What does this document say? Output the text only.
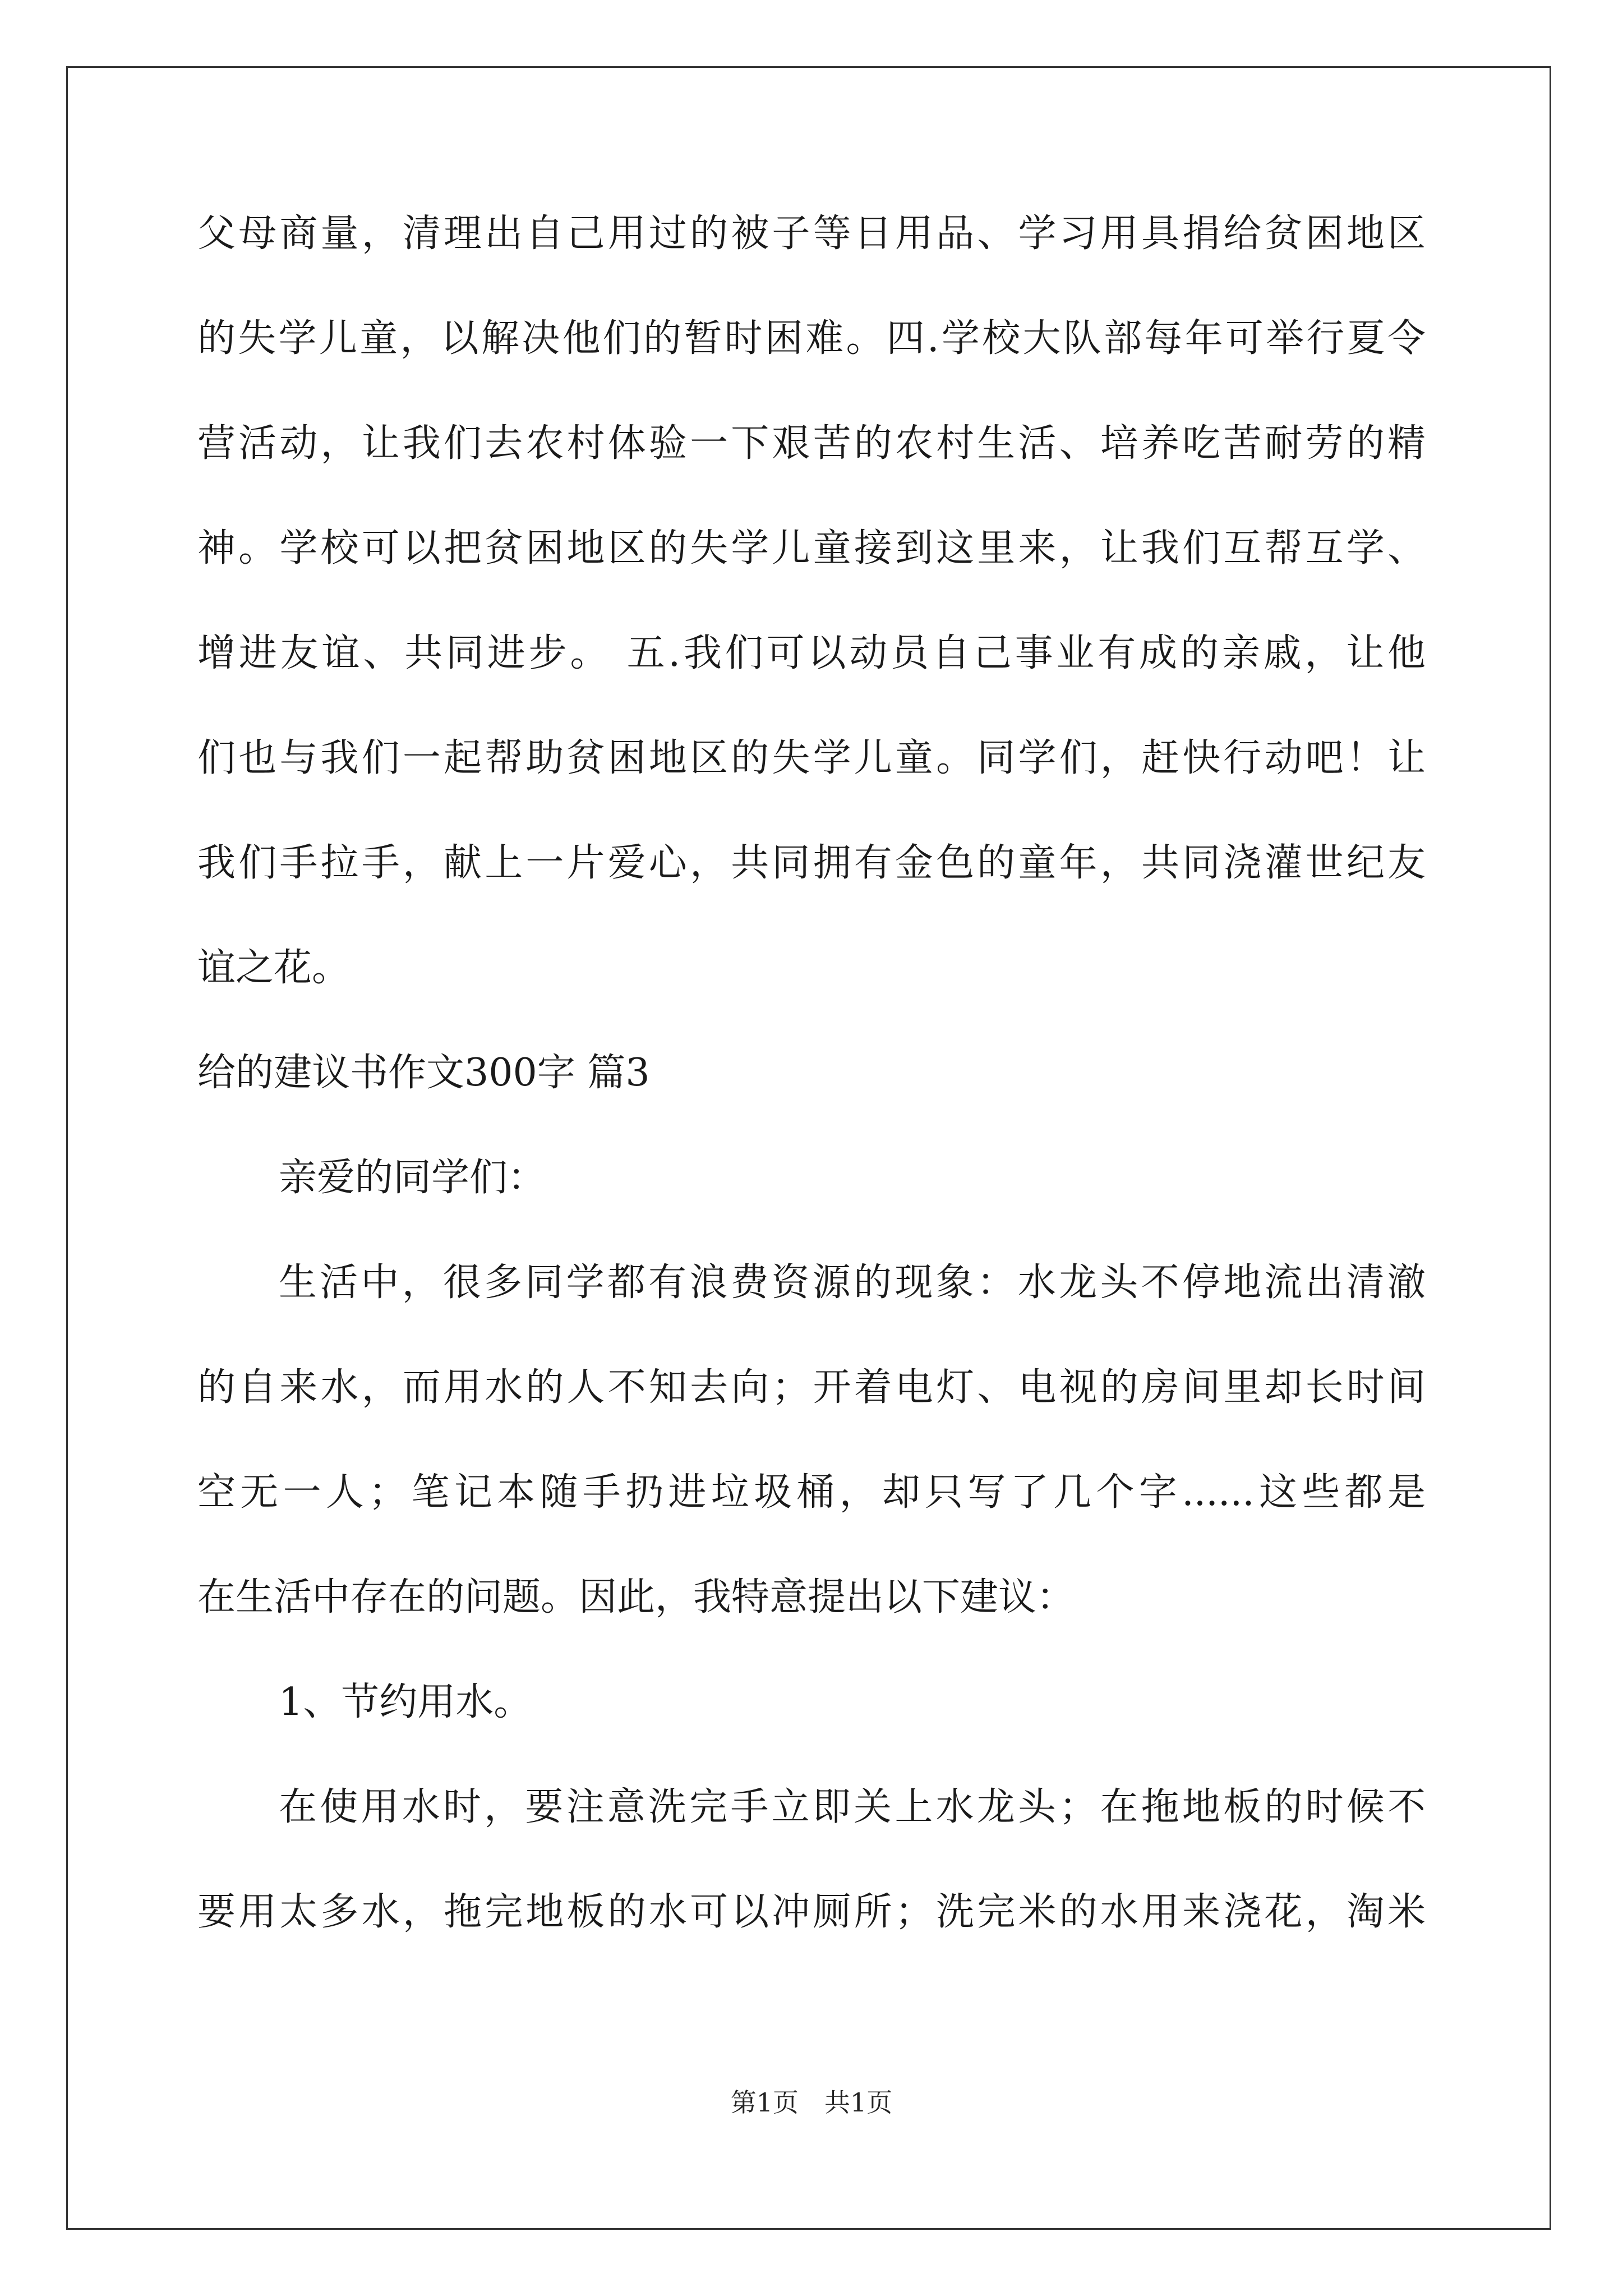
父母商量，清理出自己用过的被子等日用品、学习用具捐给贫困地区
的失学儿童，以解决他们的暂时困难。四.学校大队部每年可举行夏令
营活动，让我们去农村体验一下艰苦的农村生活、培养吃苦耐劳的精
神。学校可以把贫困地区的失学儿童接到这里来，让我们互帮互学、
增进友谊、共同进步。 五.我们可以动员自己事业有成的亲戚，让他
们也与我们一起帮助贫困地区的失学儿童。同学们，赶快行动吧！让
我们手拉手，献上一片爱心，共同拥有金色的童年，共同浇灌世纪友
谊之花。
给的建议书作文300字 篇3
亲爱的同学们：
生活中，很多同学都有浪费资源的现象：水龙头不停地流出清澈
的自来水，而用水的人不知去向；开着电灯、电视的房间里却长时间
空无一人；笔记本随手扔进垃圾桶，却只写了几个字......这些都是
在生活中存在的问题。因此，我特意提出以下建议：
1、节约用水。
在使用水时，要注意洗完手立即关上水龙头；在拖地板的时候不
要用太多水，拖完地板的水可以冲厕所；洗完米的水用来浇花，淘米
第1页　共1页
